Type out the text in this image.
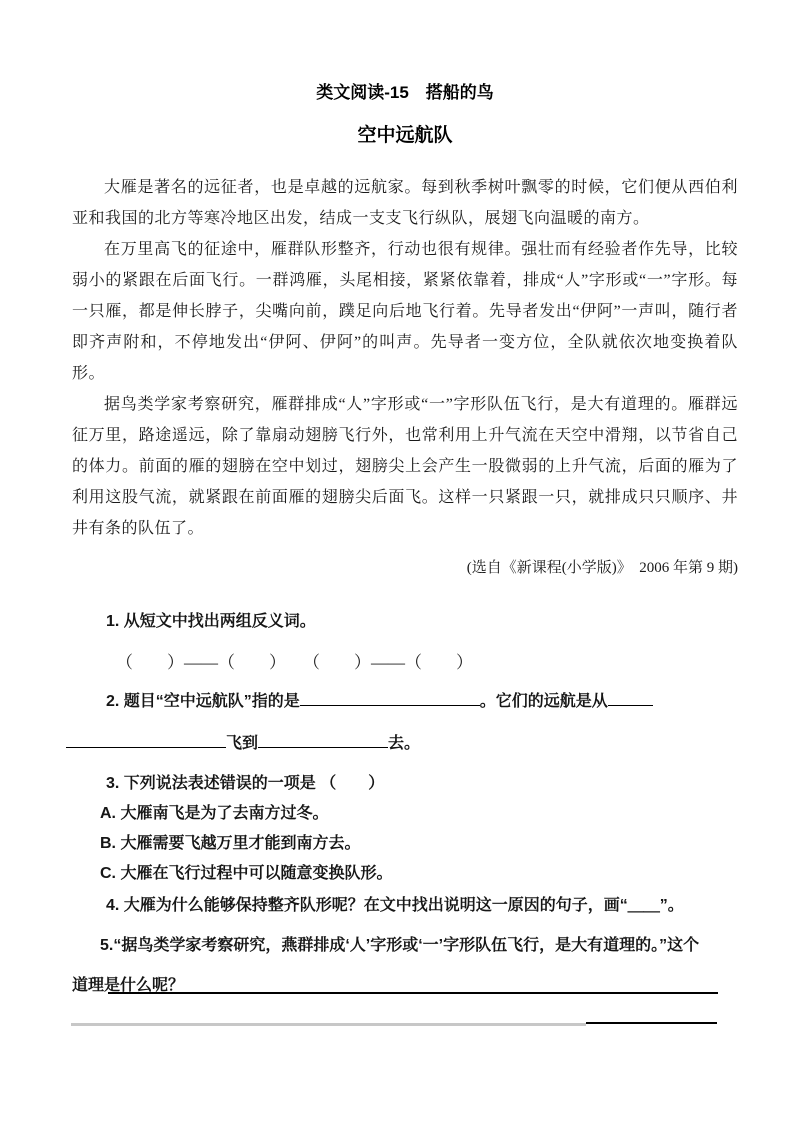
类文阅读-15　搭船的鸟
空中远航队

大雁是著名的远征者，也是卓越的远航家。每到秋季树叶飘零的时候，它们便从西伯利亚和我国的北方等寒冷地区出发，结成一支支飞行纵队，展翅飞向温暖的南方。

在万里高飞的征途中，雁群队形整齐，行动也很有规律。强壮而有经验者作先导，比较弱小的紧跟在后面飞行。一群鸿雁，头尾相接，紧紧依靠着，排成“人”字形或“一”字形。每一只雁，都是伸长脖子，尖嘴向前，蹼足向后地飞行着。先导者发出“伊阿”一声叫，随行者即齐声附和，不停地发出“伊阿、伊阿”的叫声。先导者一变方位，全队就依次地变换着队形。

据鸟类学家考察研究，雁群排成“人”字形或“一”字形队伍飞行，是大有道理的。雁群远征万里，路途遥远，除了靠扇动翅膀飞行外，也常利用上升气流在天空中滑翔，以节省自己的体力。前面的雁的翅膀在空中划过，翅膀尖上会产生一股微弱的上升气流，后面的雁为了利用这股气流，就紧跟在前面雁的翅膀尖后面飞。这样一只紧跟一只，就排成只只顺序、井井有条的队伍了。

(选自《新课程(小学版)》　2006 年第 9 期)
1. 从短文中找出两组反义词。
（　　）——（　　）　　（　　）——（　　）
2. 题目“空中远航队”指的是	。它们的远航是从
飞到	去。
3. 下列说法表述错误的一项是 （　　）
A. 大雁南飞是为了去南方过冬。
B. 大雁需要飞越万里才能到南方去。
C. 大雁在飞行过程中可以随意变换队形。
4. 大雁为什么能够保持整齐队形呢？在文中找出说明这一原因的句子，画“＿＿”。
5.“据鸟类学家考察研究，燕群排成‘人’字形或‘一’字形队伍飞行，是大有道理的。”这个
道理是什么呢？
